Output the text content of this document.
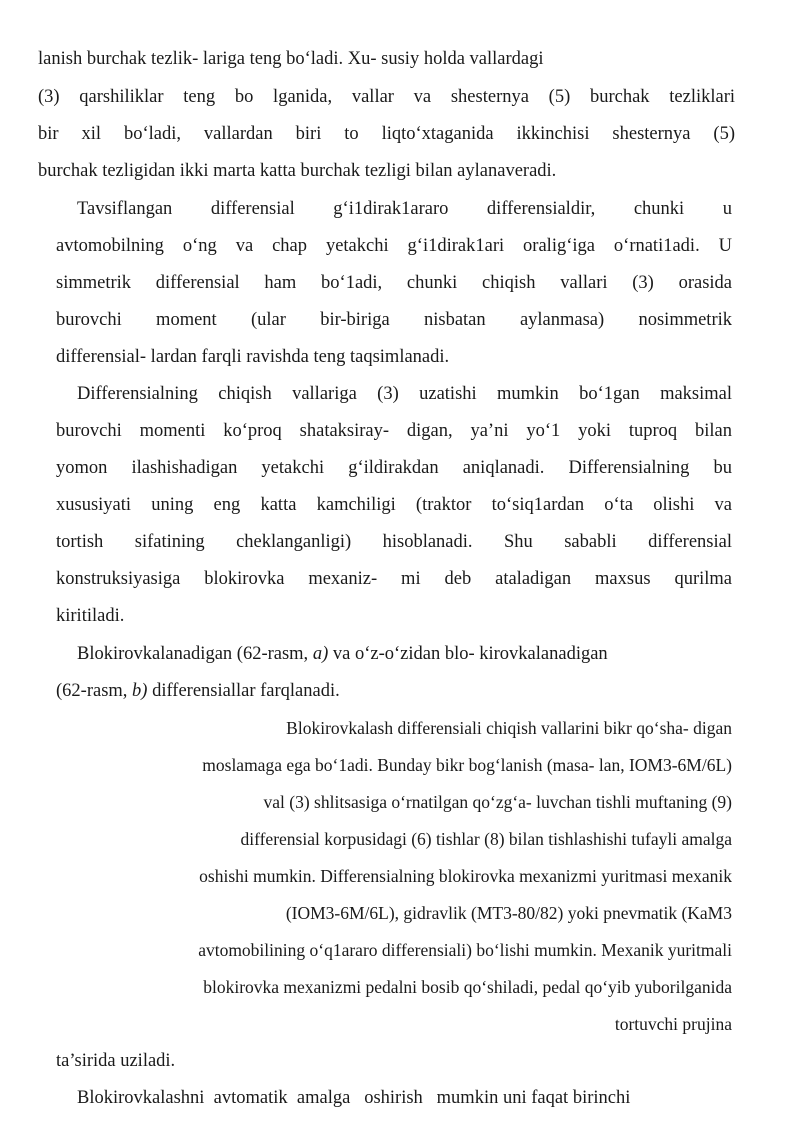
lanish burchak tezlik- lariga teng bo‘ladi. Xu- susiy holda vallardagi

(3) qarshiliklar teng bo lganida, vallar va shesternya (5) burchak tezliklari

bir xil bo‘ladi, vallardan biri to liqto‘xtaganida ikkinchisi shesternya (5)

burchak tezligidan ikki marta katta burchak tezligi bilan aylanaveradi.

Tavsiflangan differensial g‘i1dirak1araro differensialdir, chunki u

avtomobilning o‘ng va chap yetakchi g‘i1dirak1ari oralig‘iga o‘rnati1adi. U

simmetrik differensial ham bo‘1adi, chunki chiqish vallari (3) orasida

burovchi moment (ular bir-biriga nisbatan aylanmasa) nosimmetrik

differensial- lardan farqli ravishda teng taqsimlanadi.

Differensialning chiqish vallariga (3) uzatishi mumkin bo‘1gan maksimal

burovchi momenti ko‘proq shataksiray- digan, ya’ni yo‘1 yoki tuproq bilan

yomon ilashishadigan yetakchi g‘ildirakdan aniqlanadi. Differensialning bu

xususiyati uning eng katta kamchiligi (traktor to‘siq1ardan o‘ta olishi va

tortish sifatining cheklanganligi) hisoblanadi. Shu sababli differensial

konstruksiyasiga blokirovka mexaniz- mi deb ataladigan maxsus qurilma

kiritiladi.

Blokirovkalanadigan (62-rasm, a) va o‘z-o‘zidan blo- kirovkalanadigan

(62-rasm, b) differensiallar farqlanadi.

Blokirovkalash differensiali chiqish vallarini bikr qo‘sha- digan

moslamaga ega bo‘1adi. Bunday bikr bog‘lanish (masa- lan, IOM3-6M/6L)

val (3) shlitsasiga o‘rnatilgan qo‘zg‘a- luvchan tishli muftaning (9)

differensial korpusidagi (6) tishlar (8) bilan tishlashishi tufayli amalga

oshishi mumkin. Differensialning blokirovka mexanizmi yuritmasi mexanik

(IOM3-6M/6L), gidravlik (MT3-80/82) yoki pnevmatik (KaM3

avtomobilining o‘q1araro differensiali) bo‘lishi mumkin. Mexanik yuritmali

blokirovka mexanizmi pedalni bosib qo‘shiladi, pedal qo‘yib yuborilganida

tortuvchi prujina

ta’sirida uziladi.

Blokirovkalashni  avtomatik  amalga   oshirish   mumkin uni faqat birinchi
